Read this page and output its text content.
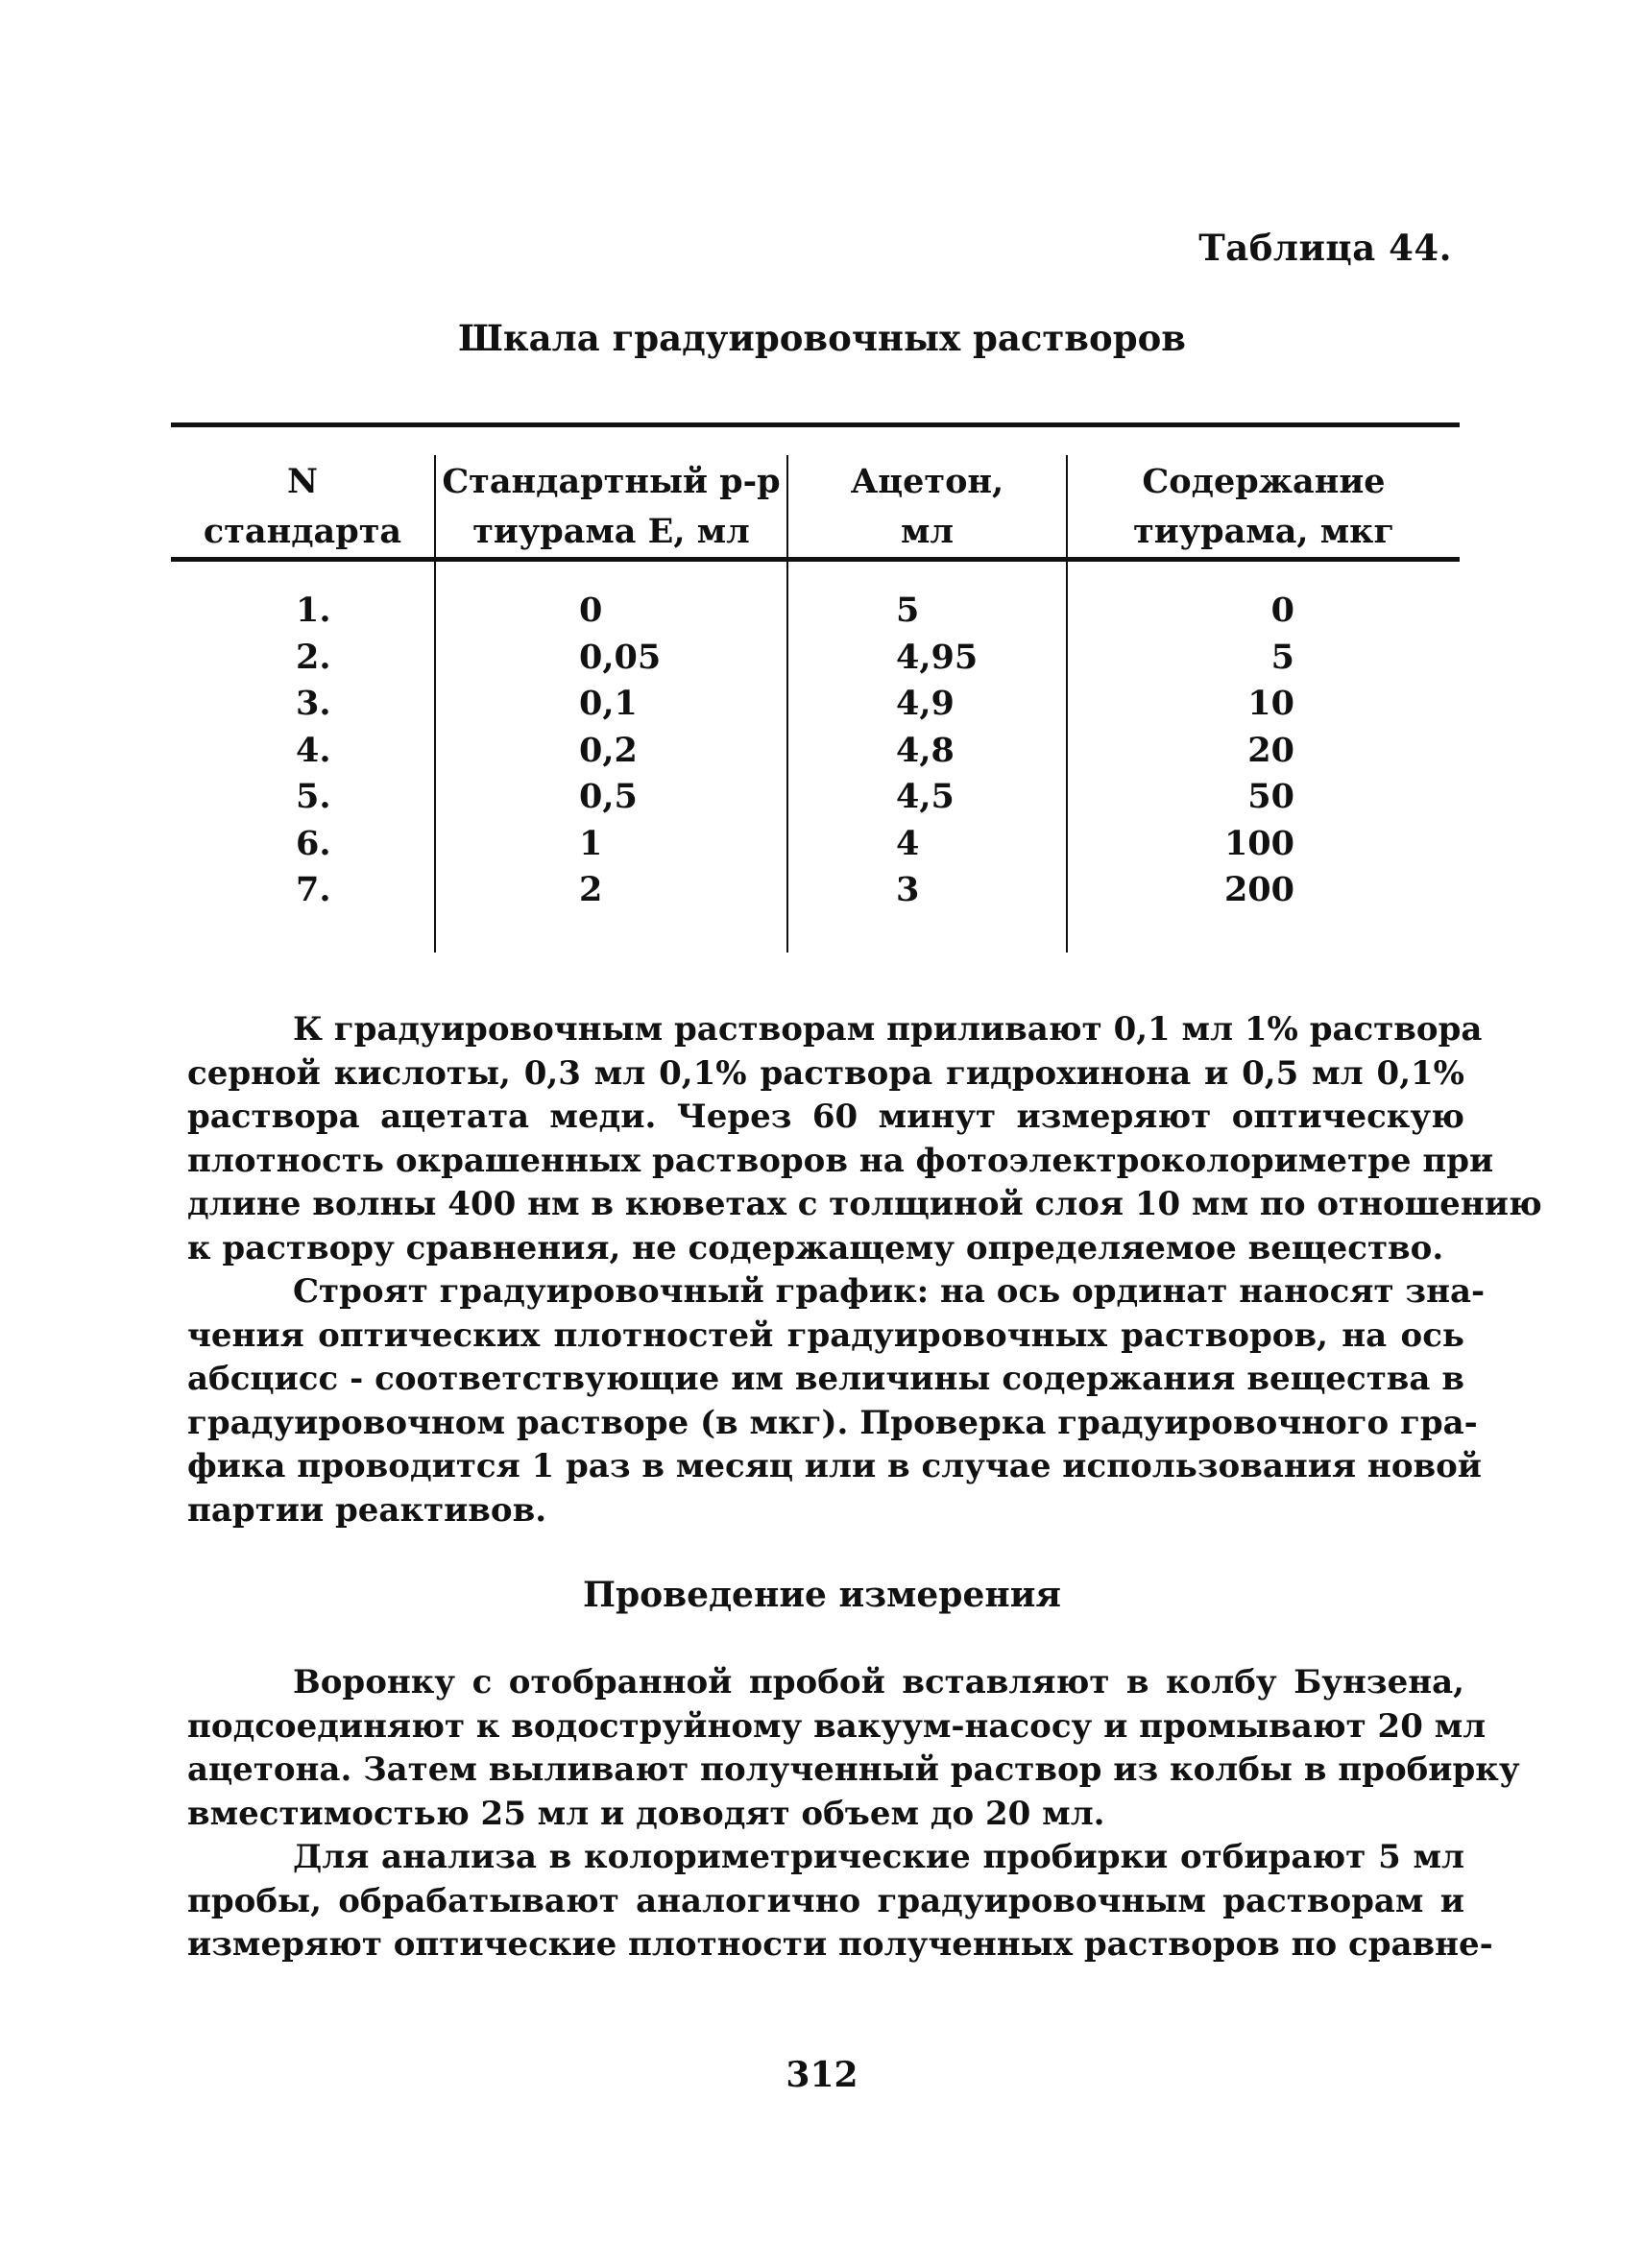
Таблица 44.
Шкала градуировочных растворов
N
стандарта
Стандартный р-р
тиурама Е, мл
Ацетон,
мл
Содержание
тиурама, мкг
1.
2.
3.
4.
5.
6.
7.
0
0,05
0,1
0,2
0,5
1
2
5
4,95
4,9
4,8
4,5
4
3
0
5
10
20
50
100
200
К градуировочным растворам приливают 0,1 мл 1% раствора
серной кислоты, 0,3 мл 0,1% раствора гидрохинона и 0,5 мл 0,1%
раствора ацетата меди. Через 60 минут измеряют оптическую
плотность окрашенных растворов на фотоэлектроколориметре при
длине волны 400 нм в кюветах с толщиной слоя 10 мм по отношению
к раствору сравнения, не содержащему определяемое вещество.
Строят градуировочный график: на ось ординат наносят зна-
чения оптических плотностей градуировочных растворов, на ось
абсцисс - соответствующие им величины содержания вещества в
градуировочном растворе (в мкг). Проверка градуировочного гра-
фика проводится 1 раз в месяц или в случае использования новой
партии реактивов.
Проведение измерения
Воронку с отобранной пробой вставляют в колбу Бунзена,
подсоединяют к водоструйному вакуум-насосу и промывают 20 мл
ацетона. Затем выливают полученный раствор из колбы в пробирку
вместимостью 25 мл и доводят объем до 20 мл.
Для анализа в колориметрические пробирки отбирают 5 мл
пробы, обрабатывают аналогично градуировочным растворам и
измеряют оптические плотности полученных растворов по сравне-
312
